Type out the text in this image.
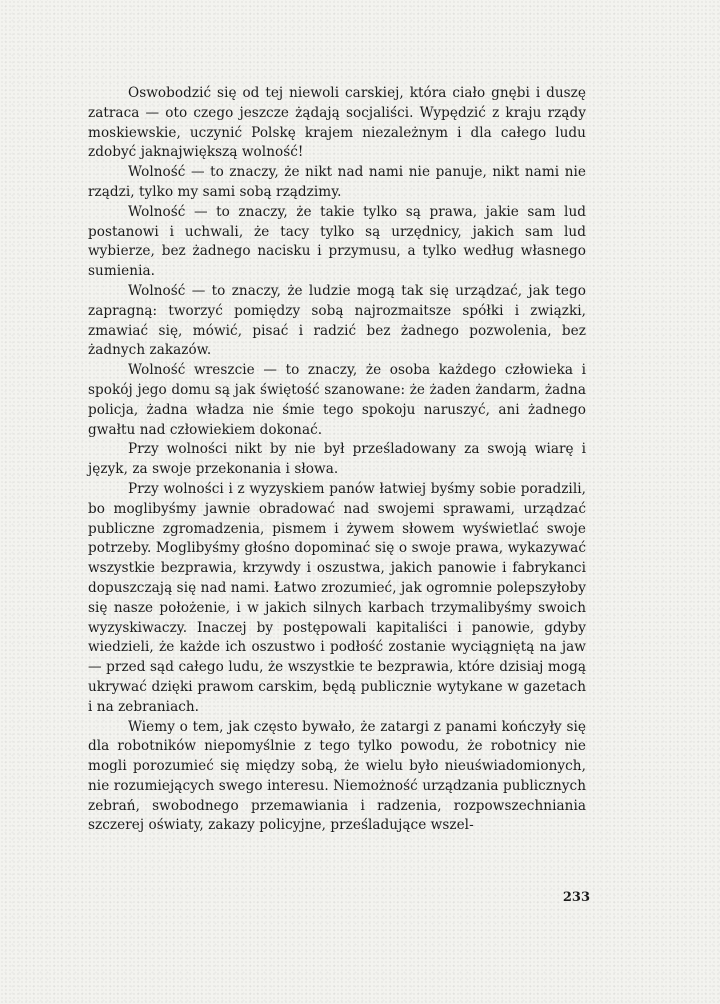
Oswobodzić się od tej niewoli carskiej, która ciało gnębi i duszę zatraca — oto czego jeszcze żądają socjaliści. Wypędzić z kraju rządy moskiewskie, uczynić Polskę krajem niezależnym i dla całego ludu zdobyć jaknajwiększą wolność!

Wolność — to znaczy, że nikt nad nami nie panuje, nikt nami nie rządzi, tylko my sami sobą rządzimy.

Wolność — to znaczy, że takie tylko są prawa, jakie sam lud postanowi i uchwali, że tacy tylko są urzędnicy, jakich sam lud wybierze, bez żadnego nacisku i przymusu, a tylko według własnego sumienia.

Wolność — to znaczy, że ludzie mogą tak się urządzać, jak tego zapragną: tworzyć pomiędzy sobą najrozmaitsze spółki i związki, zmawiać się, mówić, pisać i radzić bez żadnego pozwolenia, bez żadnych zakazów.

Wolność wreszcie — to znaczy, że osoba każdego człowieka i spokój jego domu są jak świętość szanowane: że żaden żandarm, żadna policja, żadna władza nie śmie tego spokoju naruszyć, ani żadnego gwałtu nad człowiekiem dokonać.

Przy wolności nikt by nie był prześladowany za swoją wiarę i język, za swoje przekonania i słowa.

Przy wolności i z wyzyskiem panów łatwiej byśmy sobie poradzili, bo moglibyśmy jawnie obradować nad swojemi sprawami, urządzać publiczne zgromadzenia, pismem i żywem słowem wyświetlać swoje potrzeby. Moglibyśmy głośno dopominać się o swoje prawa, wykazywać wszystkie bezprawia, krzywdy i oszustwa, jakich panowie i fabrykanci dopuszczają się nad nami. Łatwo zrozumieć, jak ogromnie polepszyłoby się nasze położenie, i w jakich silnych karbach trzymalibyśmy swoich wyzyskiwaczy. Inaczej by postępowali kapitaliści i panowie, gdyby wiedzieli, że każde ich oszustwo i podłość zostanie wyciągniętą na jaw — przed sąd całego ludu, że wszystkie te bezprawia, które dzisiaj mogą ukrywać dzięki prawom carskim, będą publicznie wytykane w gazetach i na zebraniach.

Wiemy o tem, jak często bywało, że zatargi z panami kończyły się dla robotników niepomyślnie z tego tylko powodu, że robotnicy nie mogli porozumieć się między sobą, że wielu było nieuświadomionych, nie rozumiejących swego interesu. Niemożność urządzania publicznych zebrań, swobodnego przemawiania i radzenia, rozpowszechniania szczerej oświaty, zakazy policyjne, prześladujące wszel-

233
